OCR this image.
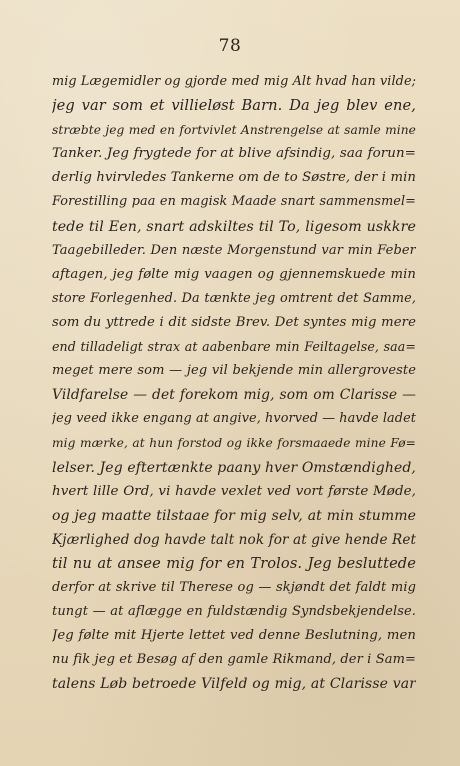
78
mig Lægemidler og gjorde med mig Alt hvad han vilde;
jeg var som et villieløst Barn. Da jeg blev ene,
stræbte jeg med en fortvivlet Anstrengelse at samle mine
Tanker. Jeg frygtede for at blive afsindig, saa forun=
derlig hvirvledes Tankerne om de to Søstre, der i min
Forestilling paa en magisk Maade snart sammensmel=
tede til Een, snart adskiltes til To, ligesom uskkre
Taagebilleder. Den næste Morgenstund var min Feber
aftagen, jeg følte mig vaagen og gjennemskuede min
store Forlegenhed. Da tænkte jeg omtrent det Samme,
som du yttrede i dit sidste Brev. Det syntes mig mere
end tilladeligt strax at aabenbare min Feiltagelse, saa=
meget mere som — jeg vil bekjende min allergroveste
Vildfarelse — det forekom mig, som om Clarisse —
jeg veed ikke engang at angive, hvorved — havde ladet
mig mærke, at hun forstod og ikke forsmaaede mine Fø=
lelser. Jeg eftertænkte paany hver Omstændighed,
hvert lille Ord, vi havde vexlet ved vort første Møde,
og jeg maatte tilstaae for mig selv, at min stumme
Kjærlighed dog havde talt nok for at give hende Ret
til nu at ansee mig for en Trolos. Jeg besluttede
derfor at skrive til Therese og — skjøndt det faldt mig
tungt — at aflægge en fuldstændig Syndsbekjendelse.
Jeg følte mit Hjerte lettet ved denne Beslutning, men
nu fik jeg et Besøg af den gamle Rikmand, der i Sam=
talens Løb betroede Vilfeld og mig, at Clarisse var
